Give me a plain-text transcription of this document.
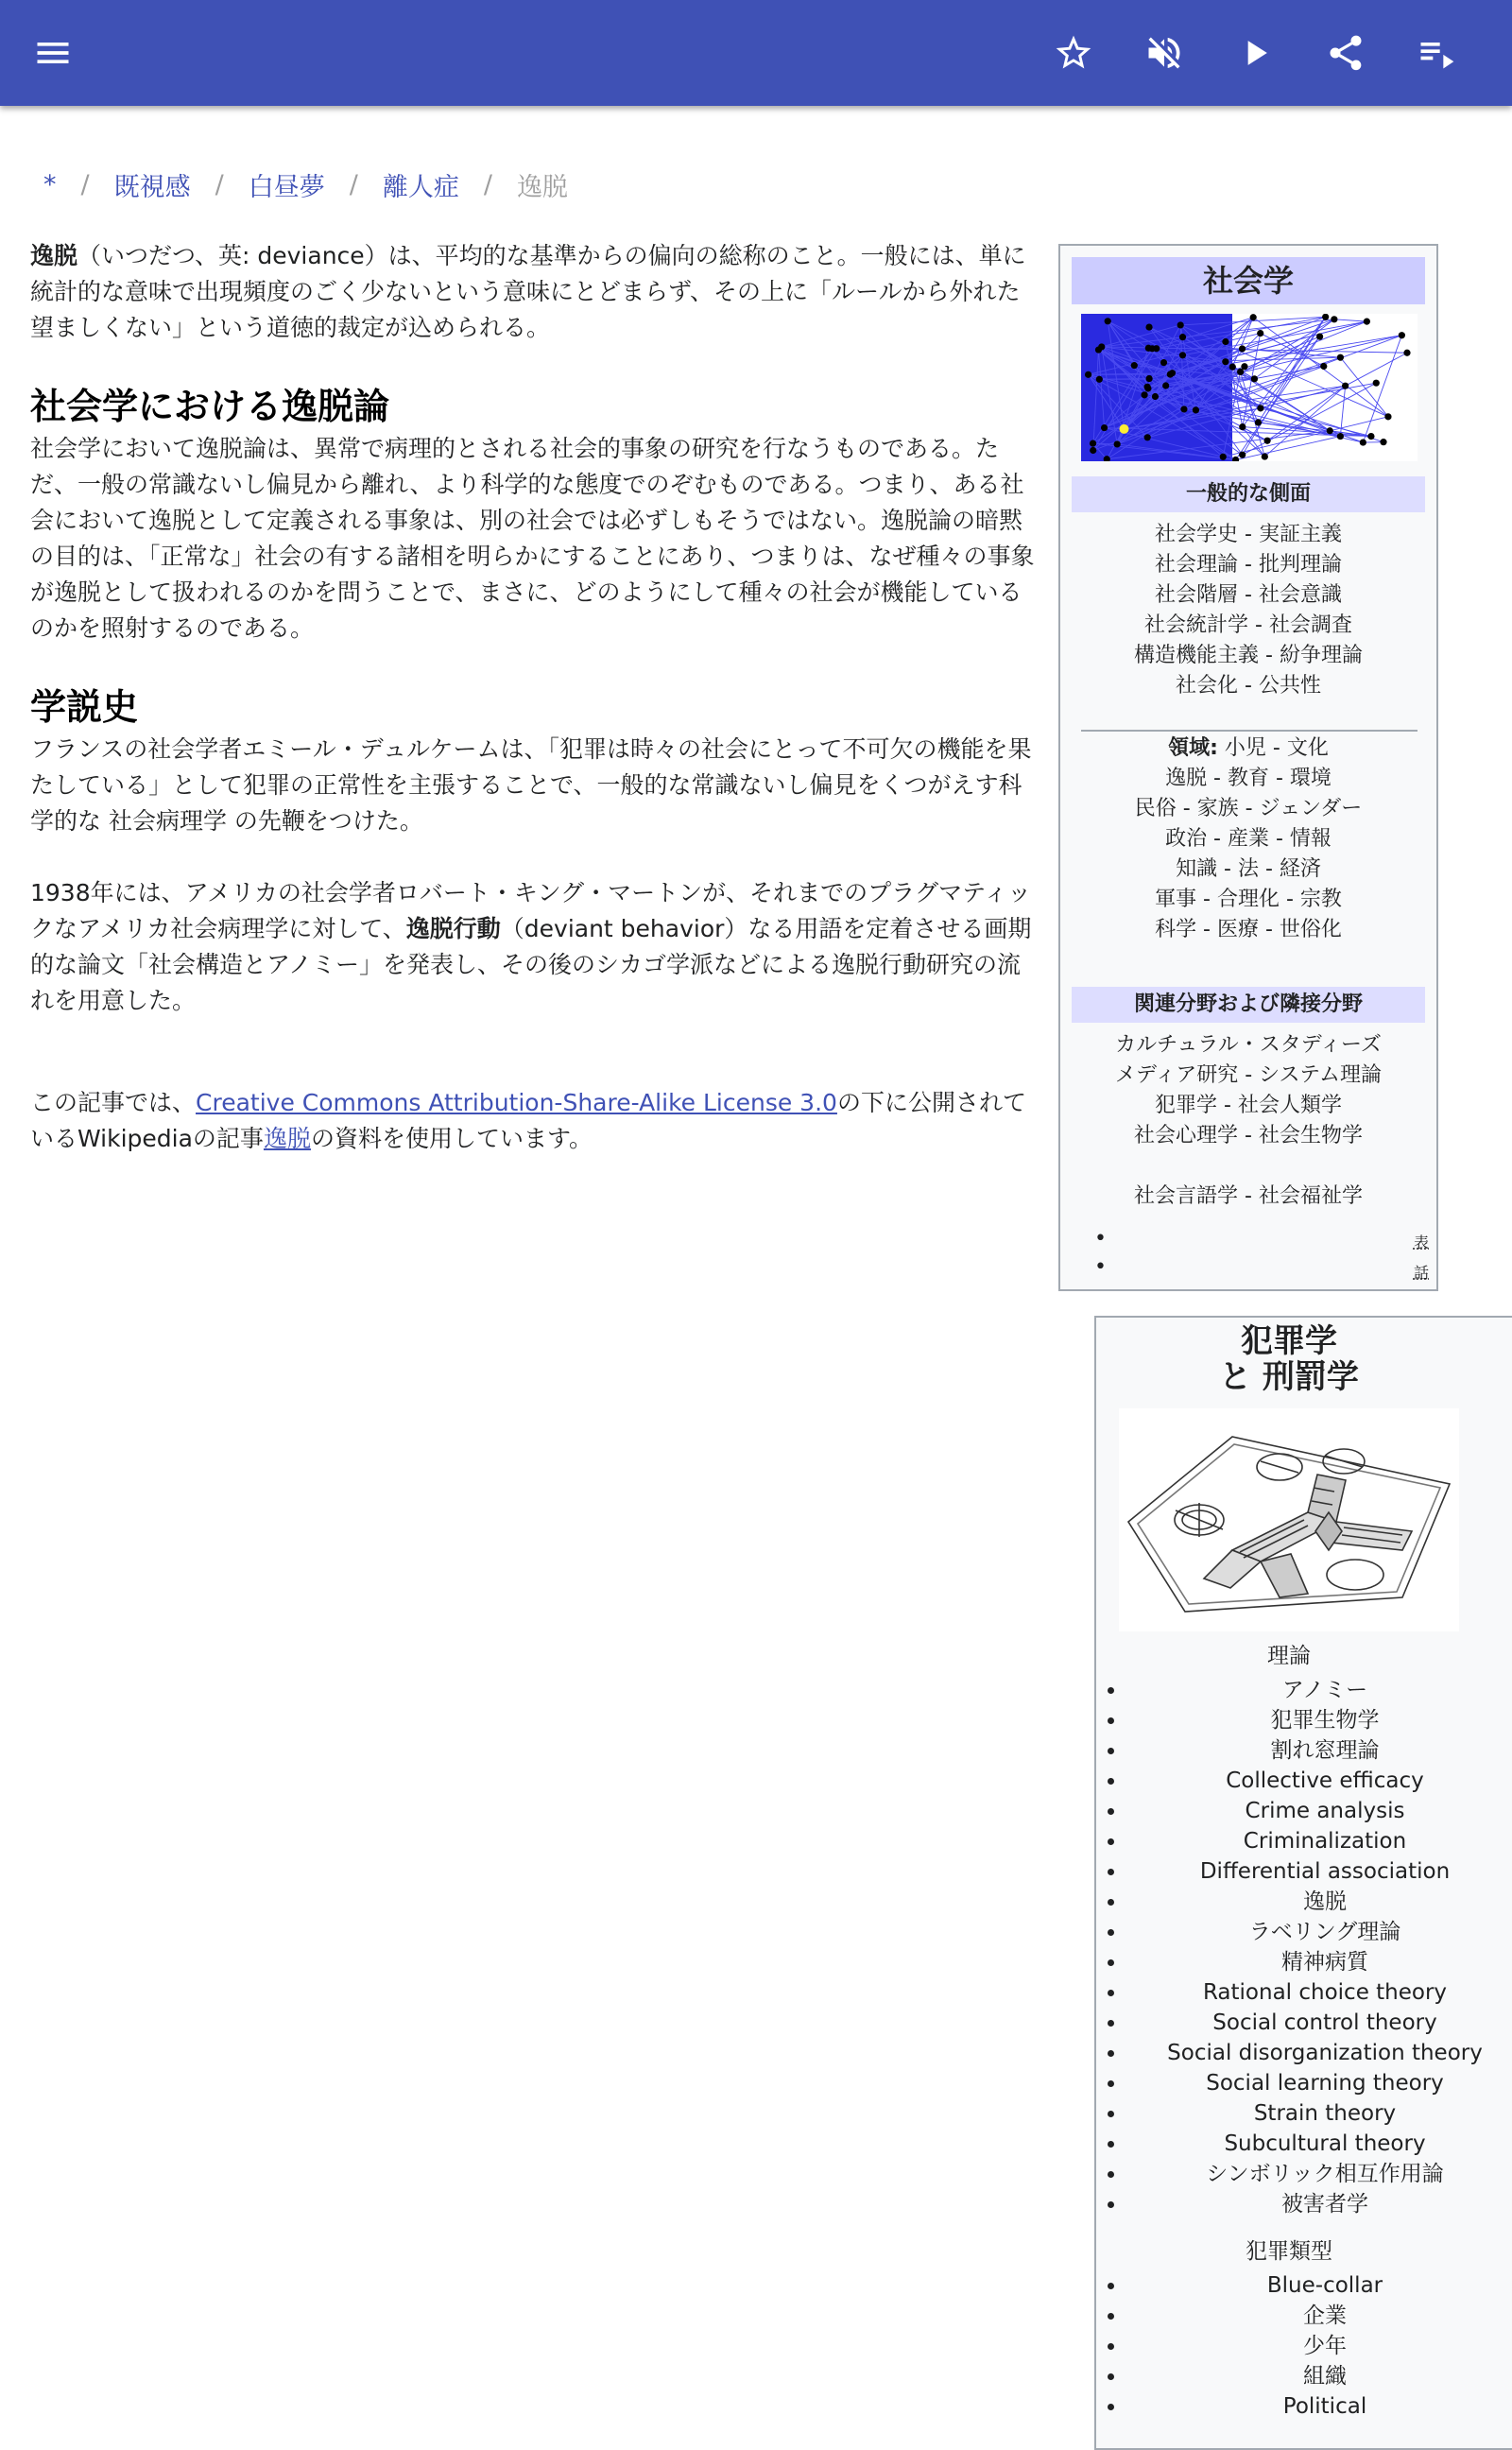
* / 既視感 / 白昼夢 / 離人症 / 逸脱

逸脱（いつだつ、英: deviance）は、平均的な基準からの偏向の総称のこと。一般には、単に統計的な意味で出現頻度のごく少ないという意味にとどまらず、その上に「ルールから外れた望ましくない」という道徳的裁定が込められる。

社会学における逸脱論

社会学において逸脱論は、異常で病理的とされる社会的事象の研究を行なうものである。ただ、一般の常識ないし偏見から離れ、より科学的な態度でのぞむものである。つまり、ある社会において逸脱として定義される事象は、別の社会では必ずしもそうではない。逸脱論の暗黙の目的は、「正常な」社会の有する諸相を明らかにすることにあり、つまりは、なぜ種々の事象が逸脱として扱われるのかを問うことで、まさに、どのようにして種々の社会が機能しているのかを照射するのである。

学説史

フランスの社会学者エミール・デュルケームは、「犯罪は時々の社会にとって不可欠の機能を果たしている」として犯罪の正常性を主張することで、一般的な常識ないし偏見をくつがえす科学的な 社会病理学 の先鞭をつけた。

1938年には、アメリカの社会学者ロバート・キング・マートンが、それまでのプラグマティックなアメリカ社会病理学に対して、逸脱行動（deviant behavior）なる用語を定着させる画期的な論文「社会構造とアノミー」を発表し、その後のシカゴ学派などによる逸脱行動研究の流れを用意した。

この記事では、Creative Commons Attribution-Share-Alike License 3.0の下に公開されているWikipediaの記事逸脱の資料を使用しています。

社会学
一般的な側面
社会学史 - 実証主義
社会理論 - 批判理論
社会階層 - 社会意識
社会統計学 - 社会調査
構造機能主義 - 紛争理論
社会化 - 公共性
領域: 小児 - 文化
逸脱 - 教育 - 環境
民俗 - 家族 - ジェンダー
政治 - 産業 - 情報
知識 - 法 - 経済
軍事 - 合理化 - 宗教
科学 - 医療 - 世俗化
関連分野および隣接分野
カルチュラル・スタディーズ
メディア研究 - システム理論
犯罪学 - 社会人類学
社会心理学 - 社会生物学
社会言語学 - 社会福祉学
•
•
表
話
犯罪学
と 刑罰学
理論
• アノミー
• 犯罪生物学
• 割れ窓理論
• Collective efficacy
• Crime analysis
• Criminalization
• Differential association
• 逸脱
• ラベリング理論
• 精神病質
• Rational choice theory
• Social control theory
• Social disorganization theory
• Social learning theory
• Strain theory
• Subcultural theory
• シンボリック相互作用論
• 被害者学
犯罪類型
• Blue-collar
• 企業
• 少年
• 組織
• Political
